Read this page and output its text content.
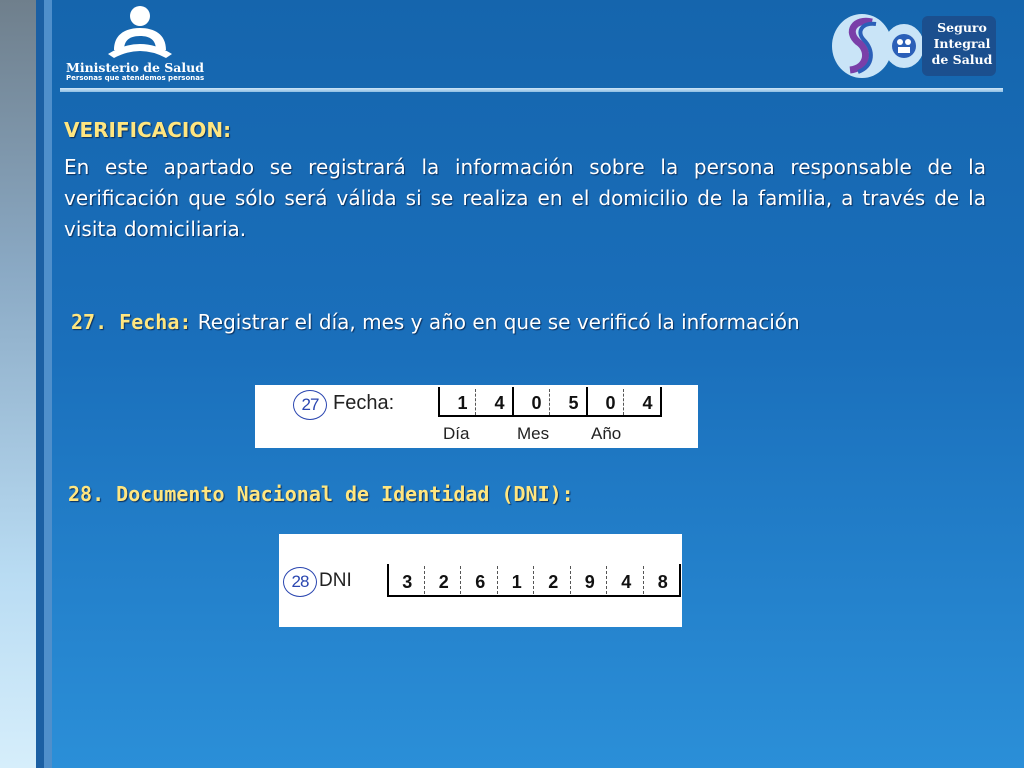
Ministerio de Salud
Personas que atendemos personas
Seguro
Integral
de Salud
VERIFICACION:
En este apartado se registrará la información sobre la persona responsable de la verificación que sólo será válida si se realiza en el domicilio de la familia, a través de la visita domiciliaria.
27. Fecha: Registrar el día, mes y año en que se verificó la información
27 Fecha:	1	4	0	5	0	4
Día	Mes Año
28. Documento Nacional de Identidad (DNI):
28 DNI	3	2	6	1	2	9	4	8
